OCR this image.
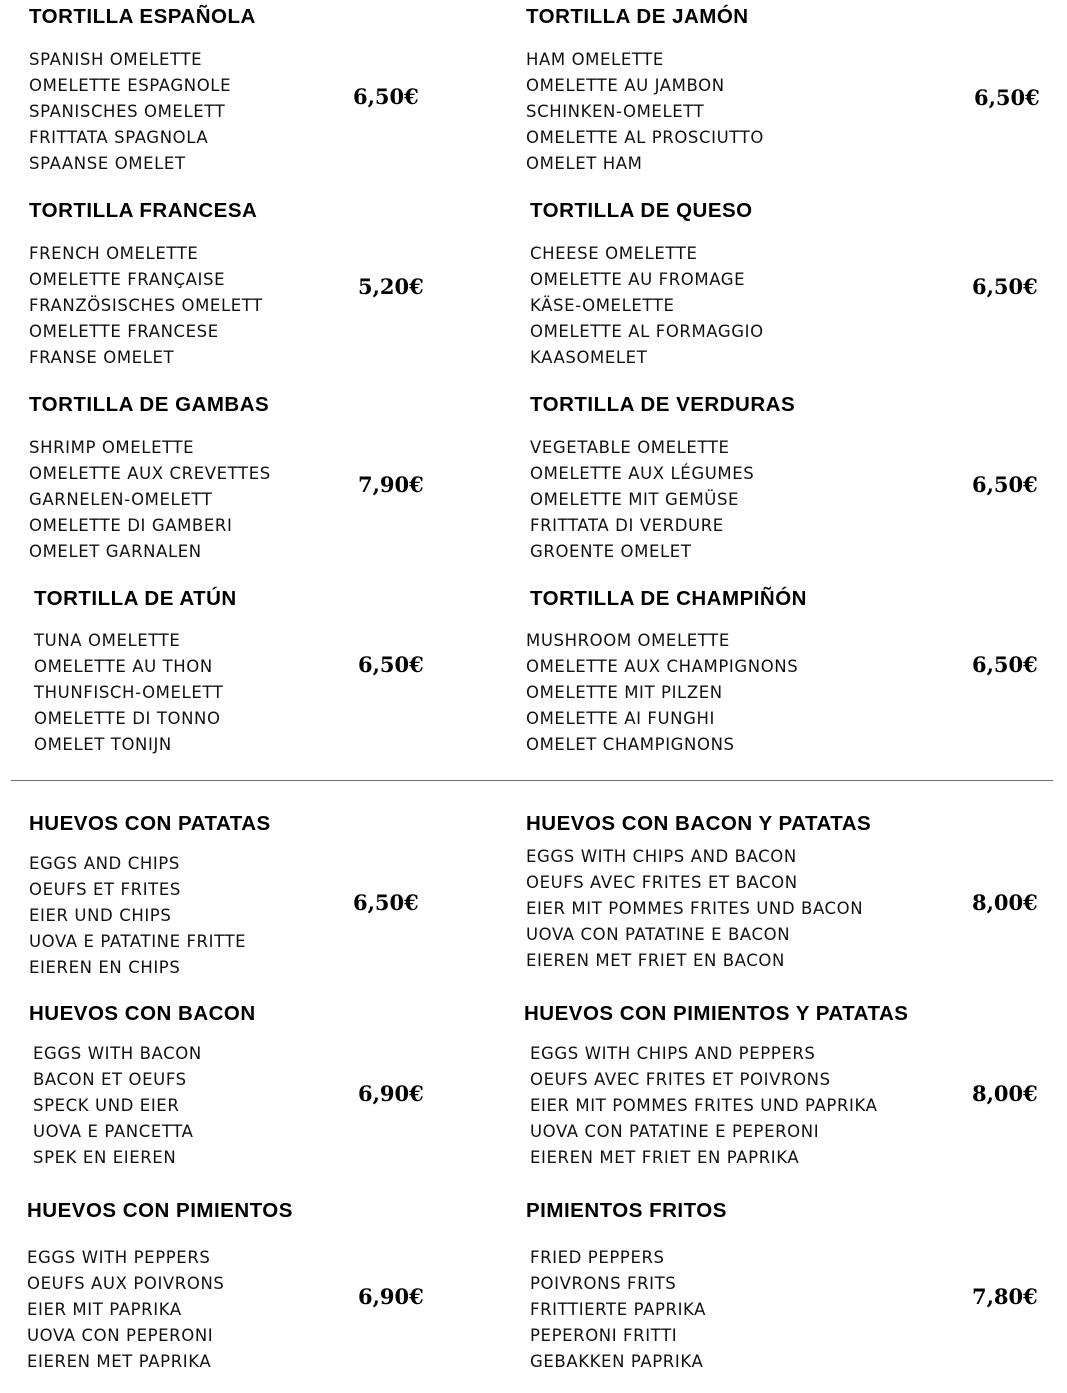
TORTILLA ESPAÑOLA
SPANISH OMELETTE
OMELETTE ESPAGNOLE
SPANISCHES OMELETT
FRITTATA SPAGNOLA
SPAANSE OMELET
6,50€
TORTILLA DE JAMÓN
HAM OMELETTE
OMELETTE AU JAMBON
SCHINKEN-OMELETT
OMELETTE AL PROSCIUTTO
OMELET HAM
6,50€
TORTILLA FRANCESA
FRENCH OMELETTE
OMELETTE FRANÇAISE
FRANZÖSISCHES OMELETT
OMELETTE FRANCESE
FRANSE OMELET
5,20€
TORTILLA DE QUESO
CHEESE OMELETTE
OMELETTE AU FROMAGE
KÄSE-OMELETTE
OMELETTE AL FORMAGGIO
KAASOMELET
6,50€
TORTILLA DE GAMBAS
SHRIMP OMELETTE
OMELETTE AUX CREVETTES
GARNELEN-OMELETT
OMELETTE DI GAMBERI
OMELET GARNALEN
7,90€
TORTILLA DE VERDURAS
VEGETABLE OMELETTE
OMELETTE AUX LÉGUMES
OMELETTE MIT GEMÜSE
FRITTATA DI VERDURE
GROENTE OMELET
6,50€
TORTILLA DE ATÚN
TUNA OMELETTE
OMELETTE AU THON
THUNFISCH-OMELETT
OMELETTE DI TONNO
OMELET TONIJN
6,50€
TORTILLA DE CHAMPIÑÓN
MUSHROOM OMELETTE
OMELETTE AUX CHAMPIGNONS
OMELETTE MIT PILZEN
OMELETTE AI FUNGHI
OMELET CHAMPIGNONS
6,50€
HUEVOS CON PATATAS
EGGS AND CHIPS
OEUFS ET FRITES
EIER UND CHIPS
UOVA E PATATINE FRITTE
EIEREN EN CHIPS
6,50€
HUEVOS CON BACON Y PATATAS
EGGS WITH CHIPS AND BACON
OEUFS AVEC FRITES ET BACON
EIER MIT POMMES FRITES UND BACON
UOVA CON PATATINE E BACON
EIEREN MET FRIET EN BACON
8,00€
HUEVOS CON BACON
EGGS WITH BACON
BACON ET OEUFS
SPECK UND EIER
UOVA E PANCETTA
SPEK EN EIEREN
6,90€
HUEVOS CON PIMIENTOS Y PATATAS
EGGS WITH CHIPS AND PEPPERS
OEUFS AVEC FRITES ET POIVRONS
EIER MIT POMMES FRITES UND PAPRIKA
UOVA CON PATATINE E PEPERONI
EIEREN MET FRIET EN PAPRIKA
8,00€
HUEVOS CON PIMIENTOS
EGGS WITH PEPPERS
OEUFS AUX POIVRONS
EIER MIT PAPRIKA
UOVA CON PEPERONI
EIEREN MET PAPRIKA
6,90€
PIMIENTOS FRITOS
FRIED PEPPERS
POIVRONS FRITS
FRITTIERTE PAPRIKA
PEPERONI FRITTI
GEBAKKEN PAPRIKA
7,80€
